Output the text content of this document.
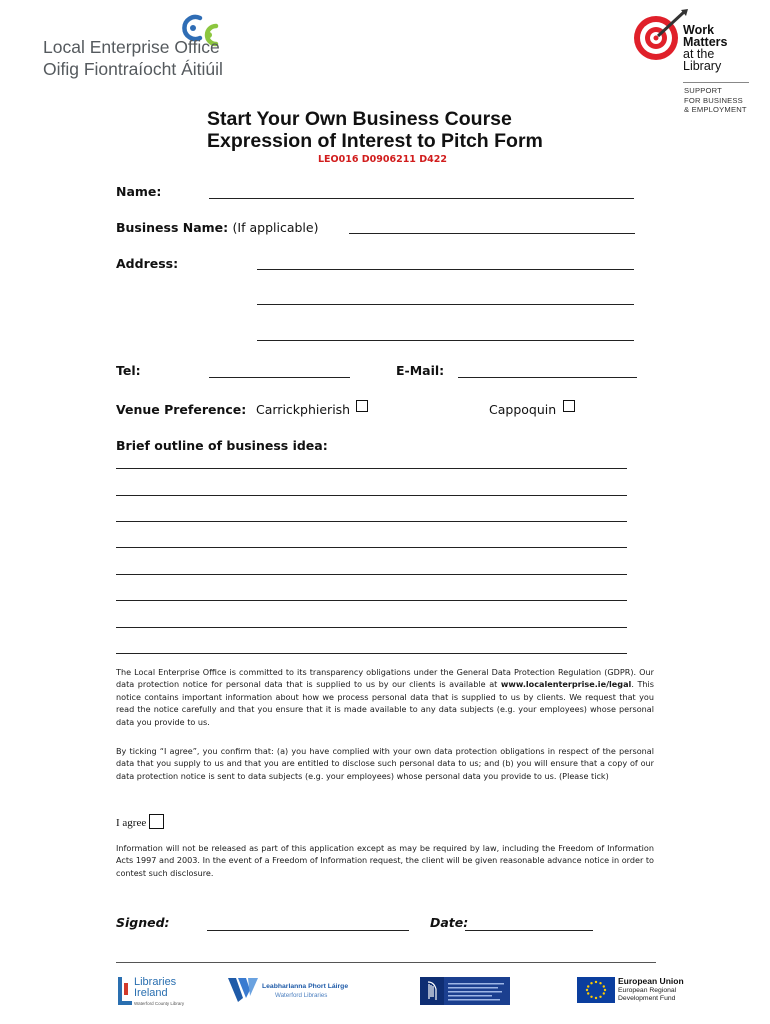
Local Enterprise Office
Oifig Fiontraíocht Áitiúil
Work
Matters
at the
Library
SUPPORT
FOR BUSINESS
& EMPLOYMENT
Start Your Own Business Course
Expression of Interest to Pitch Form
LEO016 D0906211 D422
Name:
Business Name: (If applicable)
Address:
Tel:	E-Mail:
Venue Preference: Carrickphierish	Cappoquin
Brief outline of business idea:
The Local Enterprise Office is committed to its transparency obligations under the General Data Protection Regulation (GDPR). Our data protection notice for personal data that is supplied to us by our clients is available at www.localenterprise.ie/legal. This notice contains important information about how we process personal data that is supplied to us by clients. We request that you read the notice carefully and that you ensure that it is made available to any data subjects (e.g. your employees) whose personal data you provide to us.
By ticking “I agree”, you confirm that: (a) you have complied with your own data protection obligations in respect of the personal data that you supply to us and that you are entitled to disclose such personal data to us; and (b) you will ensure that a copy of our data protection notice is sent to data subjects (e.g. your employees) whose personal data you provide to us. (Please tick)
I agree
Information will not be released as part of this application except as may be required by law, including the Freedom of Information Acts 1997 and 2003. In the event of a Freedom of Information request, the client will be given reasonable advance notice in order to contest such disclosure.
Signed:	Date:
Libraries
Ireland
Waterford County Library
Leabharlanna Phort Láirge
Waterford Libraries
European Union
European Regional
Development Fund
